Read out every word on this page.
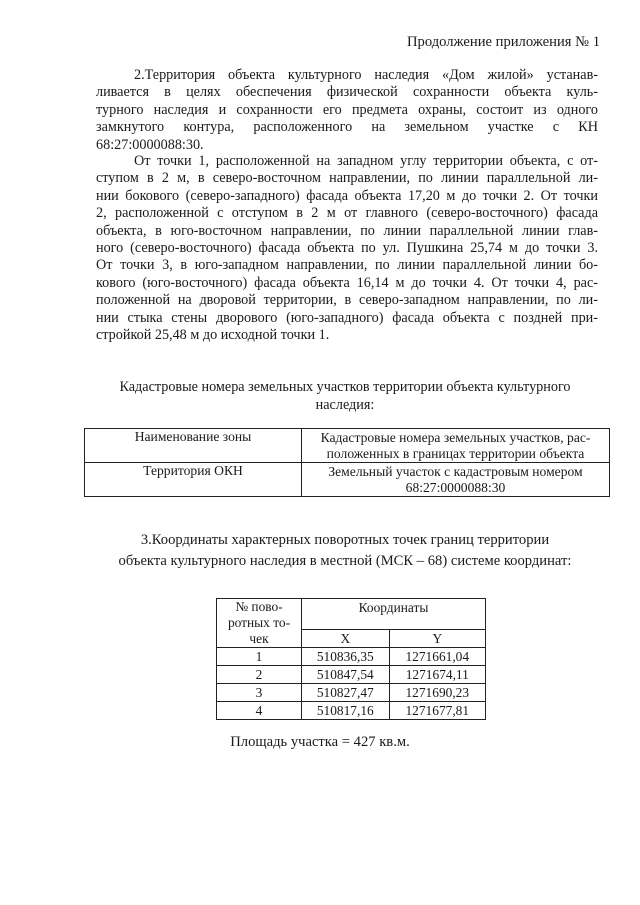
Продолжение приложения № 1

2.Территория объекта культурного наследия «Дом жилой» устанав-
ливается в целях обеспечения физической сохранности объекта куль-
турного наследия и сохранности его предмета охраны, состоит из одного
замкнутого контура, расположенного на земельном участке с КН
68:27:0000088:30.

От точки 1, расположенной на западном углу территории объекта, с от-
ступом в 2 м, в северо-восточном направлении, по линии параллельной ли-
нии бокового (северо-западного) фасада объекта 17,20 м до точки 2. От точки
2, расположенной с отступом в 2 м от главного (северо-восточного) фасада
объекта, в юго-восточном направлении, по линии параллельной линии глав-
ного (северо-восточного) фасада объекта по ул. Пушкина 25,74 м до точки 3.
От точки 3, в юго-западном направлении, по линии параллельной линии бо-
кового (юго-восточного) фасада объекта 16,14 м до точки 4. От точки 4, рас-
положенной на дворовой территории, в северо-западном направлении, по ли-
нии стыка стены дворового (юго-западного) фасада объекта с поздней при-
стройкой 25,48 м до исходной точки 1.

Кадастровые номера земельных участков территории объекта культурного
наследия:

Наименование зоны	Кадастровые номера земельных участков, рас-
положенных в границах территории объекта
Территория ОКН	Земельный участок с кадастровым номером
68:27:0000088:30

3.Координаты характерных поворотных точек границ территории
объекта культурного наследия в местной (МСК – 68) системе координат:

№ пово-
ротных то-
чек	Координаты	
	X	Y
1	510836,35	1271661,04
2	510847,54	1271674,11
3	510827,47	1271690,23
4	510817,16	1271677,81
Площадь участка = 427 кв.м.
